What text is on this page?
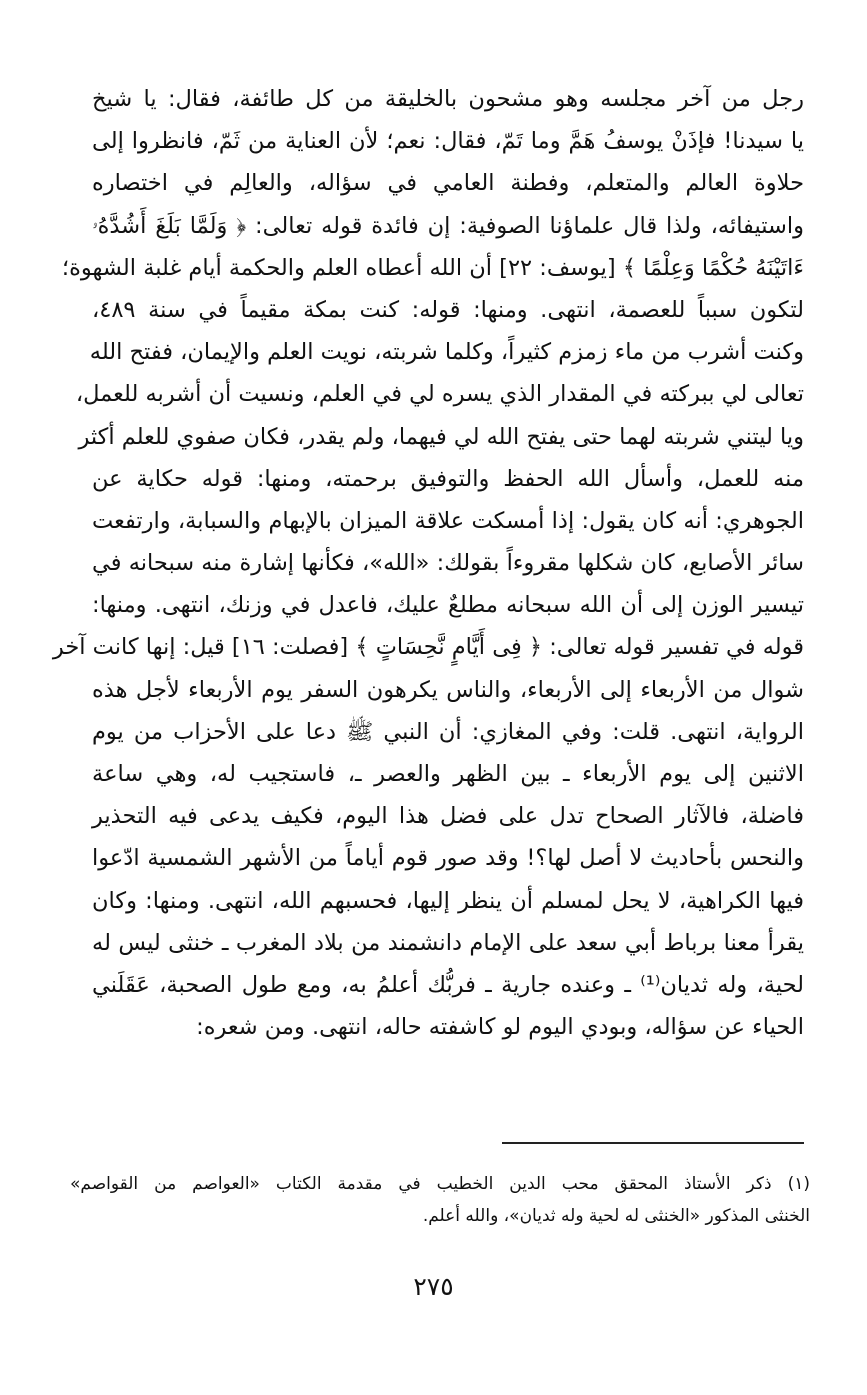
رجل من آخر مجلسه وهو مشحون بالخليقة من كل طائفة، فقال: يا شيخ
يا سيدنا! فإذَنْ يوسفُ هَمَّ وما تَمّ، فقال: نعم؛ لأن العناية من ثَمّ، فانظروا إلى
حلاوة العالم والمتعلم، وفطنة العامي في سؤاله، والعالِم في اختصاره
واستيفائه، ولذا قال علماؤنا الصوفية: إن فائدة قوله تعالى: ﴿ وَلَمَّا بَلَغَ أَشُدَّهُۥ
ءَاتَيْنَهُ حُكْمًا وَعِلْمًا ﴾ [يوسف: ٢٢] أن الله أعطاه العلم والحكمة أيام غلبة الشهوة؛
لتكون سبباً للعصمة، انتهى. ومنها: قوله: كنت بمكة مقيماً في سنة ٤٨٩،
وكنت أشرب من ماء زمزم كثيراً، وكلما شربته، نويت العلم والإيمان، ففتح الله
تعالى لي ببركته في المقدار الذي يسره لي في العلم، ونسيت أن أشربه للعمل،
ويا ليتني شربته لهما حتى يفتح الله لي فيهما، ولم يقدر، فكان صفوي للعلم أكثر
منه للعمل، وأسأل الله الحفظ والتوفيق برحمته، ومنها: قوله حكاية عن
الجوهري: أنه كان يقول: إذا أمسكت علاقة الميزان بالإبهام والسبابة، وارتفعت
سائر الأصابع، كان شكلها مقروءاً بقولك: «الله»، فكأنها إشارة منه سبحانه في
تيسير الوزن إلى أن الله سبحانه مطلعٌ عليك، فاعدل في وزنك، انتهى. ومنها:
قوله في تفسير قوله تعالى: ﴿ فِى أَيَّامٍ نَّحِسَاتٍ ﴾ [فصلت: ١٦] قيل: إنها كانت آخر
شوال من الأربعاء إلى الأربعاء، والناس يكرهون السفر يوم الأربعاء لأجل هذه
الرواية، انتهى. قلت: وفي المغازي: أن النبي ﷺ دعا على الأحزاب من يوم
الاثنين إلى يوم الأربعاء ـ بين الظهر والعصر ـ، فاستجيب له، وهي ساعة
فاضلة، فالآثار الصحاح تدل على فضل هذا اليوم، فكيف يدعى فيه التحذير
والنحس بأحاديث لا أصل لها؟! وقد صور قوم أياماً من الأشهر الشمسية ادّعوا
فيها الكراهية، لا يحل لمسلم أن ينظر إليها، فحسبهم الله، انتهى. ومنها: وكان
يقرأ معنا برباط أبي سعد على الإمام دانشمند من بلاد المغرب ـ خنثى ليس له
لحية، وله ثديان⁽¹⁾ ـ وعنده جارية ـ فربُّك أعلمُ به، ومع طول الصحبة، عَقَلَني
الحياء عن سؤاله، وبودي اليوم لو كاشفته حاله، انتهى. ومن شعره:
(١) ذكر الأستاذ المحقق محب الدين الخطيب في مقدمة الكتاب «العواصم من القواصم»
الخنثى المذكور «الخنثى له لحية وله ثديان»، والله أعلم.
٢٧٥
